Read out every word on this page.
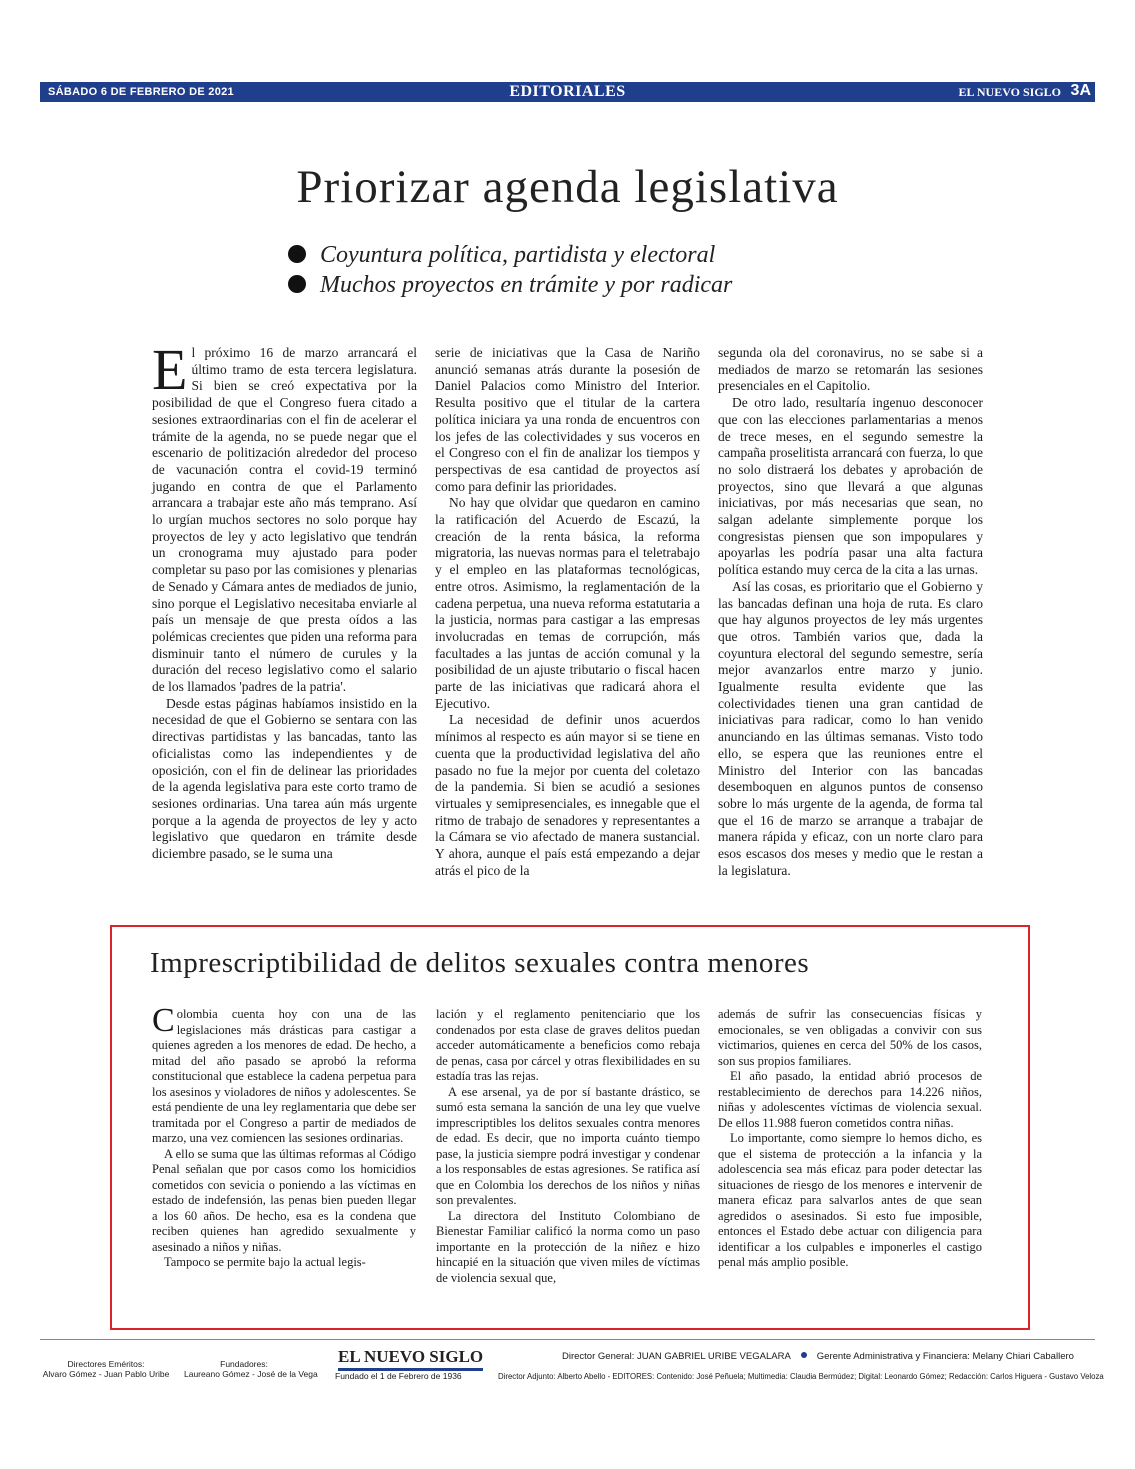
SÁBADO 6 DE FEBRERO DE 2021	EDITORIALES	EL NUEVO SIGLO 3A
Priorizar agenda legislativa
Coyuntura política, partidista y electoral
Muchos proyectos en trámite y por radicar

El próximo 16 de marzo arrancará el último tramo de esta tercera legislatura. Si bien se creó expectativa por la posibilidad de que el Congreso fuera citado a sesiones extraordinarias con el fin de acelerar el trámite de la agenda, no se puede negar que el escenario de politización alrededor del proceso de vacunación contra el covid-19 terminó jugando en contra de que el Parlamento arrancara a trabajar este año más temprano. Así lo urgían muchos sectores no solo porque hay proyectos de ley y acto legislativo que tendrán un cronograma muy ajustado para poder completar su paso por las comisiones y plenarias de Senado y Cámara antes de mediados de junio, sino porque el Legislativo necesitaba enviarle al país un mensaje de que presta oídos a las polémicas crecientes que piden una reforma para disminuir tanto el número de curules y la duración del receso legislativo como el salario de los llamados 'padres de la patria'.

Desde estas páginas habíamos insistido en la necesidad de que el Gobierno se sentara con las directivas partidistas y las bancadas, tanto las oficialistas como las independientes y de oposición, con el fin de delinear las prioridades de la agenda legislativa para este corto tramo de sesiones ordinarias. Una tarea aún más urgente porque a la agenda de proyectos de ley y acto legislativo que quedaron en trámite desde diciembre pasado, se le suma una

serie de iniciativas que la Casa de Nariño anunció semanas atrás durante la posesión de Daniel Palacios como Ministro del Interior. Resulta positivo que el titular de la cartera política iniciara ya una ronda de encuentros con los jefes de las colectividades y sus voceros en el Congreso con el fin de analizar los tiempos y perspectivas de esa cantidad de proyectos así como para definir las prioridades.

No hay que olvidar que quedaron en camino la ratificación del Acuerdo de Escazú, la creación de la renta básica, la reforma migratoria, las nuevas normas para el teletrabajo y el empleo en las plataformas tecnológicas, entre otros. Asimismo, la reglamentación de la cadena perpetua, una nueva reforma estatutaria a la justicia, normas para castigar a las empresas involucradas en temas de corrupción, más facultades a las juntas de acción comunal y la posibilidad de un ajuste tributario o fiscal hacen parte de las iniciativas que radicará ahora el Ejecutivo.

La necesidad de definir unos acuerdos mínimos al respecto es aún mayor si se tiene en cuenta que la productividad legislativa del año pasado no fue la mejor por cuenta del coletazo de la pandemia. Si bien se acudió a sesiones virtuales y semipresenciales, es innegable que el ritmo de trabajo de senadores y representantes a la Cámara se vio afectado de manera sustancial. Y ahora, aunque el país está empezando a dejar atrás el pico de la

segunda ola del coronavirus, no se sabe si a mediados de marzo se retomarán las sesiones presenciales en el Capitolio.

De otro lado, resultaría ingenuo desconocer que con las elecciones parlamentarias a menos de trece meses, en el segundo semestre la campaña proselitista arrancará con fuerza, lo que no solo distraerá los debates y aprobación de proyectos, sino que llevará a que algunas iniciativas, por más necesarias que sean, no salgan adelante simplemente porque los congresistas piensen que son impopulares y apoyarlas les podría pasar una alta factura política estando muy cerca de la cita a las urnas.

Así las cosas, es prioritario que el Gobierno y las bancadas definan una hoja de ruta. Es claro que hay algunos proyectos de ley más urgentes que otros. También varios que, dada la coyuntura electoral del segundo semestre, sería mejor avanzarlos entre marzo y junio. Igualmente resulta evidente que las colectividades tienen una gran cantidad de iniciativas para radicar, como lo han venido anunciando en las últimas semanas. Visto todo ello, se espera que las reuniones entre el Ministro del Interior con las bancadas desemboquen en algunos puntos de consenso sobre lo más urgente de la agenda, de forma tal que el 16 de marzo se arranque a trabajar de manera rápida y eficaz, con un norte claro para esos escasos dos meses y medio que le restan a la legislatura.

Imprescriptibilidad de delitos sexuales contra menores

Colombia cuenta hoy con una de las legislaciones más drásticas para castigar a quienes agreden a los menores de edad. De hecho, a mitad del año pasado se aprobó la reforma constitucional que establece la cadena perpetua para los asesinos y violadores de niños y adolescentes. Se está pendiente de una ley reglamentaria que debe ser tramitada por el Congreso a partir de mediados de marzo, una vez comiencen las sesiones ordinarias.

A ello se suma que las últimas reformas al Código Penal señalan que por casos como los homicidios cometidos con sevicia o poniendo a las víctimas en estado de indefensión, las penas bien pueden llegar a los 60 años. De hecho, esa es la condena que reciben quienes han agredido sexualmente y asesinado a niños y niñas.

Tampoco se permite bajo la actual legis-

lación y el reglamento penitenciario que los condenados por esta clase de graves delitos puedan acceder automáticamente a beneficios como rebaja de penas, casa por cárcel y otras flexibilidades en su estadía tras las rejas.

A ese arsenal, ya de por sí bastante drástico, se sumó esta semana la sanción de una ley que vuelve imprescriptibles los delitos sexuales contra menores de edad. Es decir, que no importa cuánto tiempo pase, la justicia siempre podrá investigar y condenar a los responsables de estas agresiones. Se ratifica así que en Colombia los derechos de los niños y niñas son prevalentes.

La directora del Instituto Colombiano de Bienestar Familiar calificó la norma como un paso importante en la protección de la niñez e hizo hincapié en la situación que viven miles de víctimas de violencia sexual que,

además de sufrir las consecuencias físicas y emocionales, se ven obligadas a convivir con sus victimarios, quienes en cerca del 50% de los casos, son sus propios familiares.

El año pasado, la entidad abrió procesos de restablecimiento de derechos para 14.226 niños, niñas y adolescentes víctimas de violencia sexual. De ellos 11.988 fueron cometidos contra niñas.

Lo importante, como siempre lo hemos dicho, es que el sistema de protección a la infancia y la adolescencia sea más eficaz para poder detectar las situaciones de riesgo de los menores e intervenir de manera eficaz para salvarlos antes de que sean agredidos o asesinados. Si esto fue imposible, entonces el Estado debe actuar con diligencia para identificar a los culpables e imponerles el castigo penal más amplio posible.

Directores Eméritos:
Alvaro Gómez - Juan Pablo Uribe
Fundadores:
Laureano Gómez - José de la Vega
EL NUEVO SIGLO
Fundado el 1 de Febrero de 1936
Director General: JUAN GABRIEL URIBE VEGALARA	Gerente Administrativa y Financiera: Melany Chiari Caballero
Director Adjunto: Alberto Abello - EDITORES: Contenido: José Peñuela; Multimedia: Claudia Bermúdez; Digital: Leonardo Gómez; Redacción: Carlos Higuera - Gustavo Veloza
